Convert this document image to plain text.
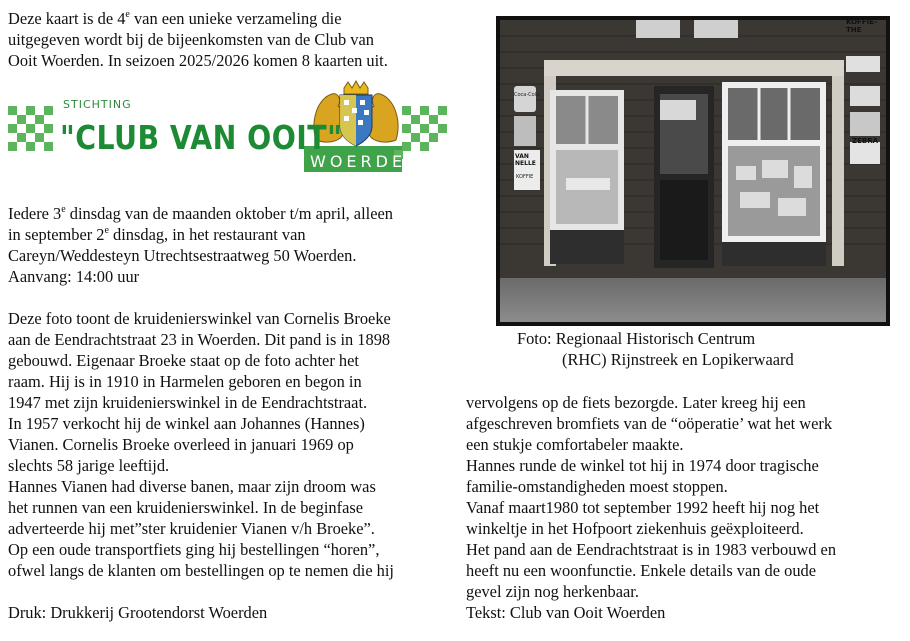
Deze kaart is de 4e van een unieke verzameling die

uitgegeven wordt bij de bijeenkomsten van de Club van

Ooit Woerden. In seizoen 2025/2026 komen 8 kaarten uit.

STICHTING
"CLUB VAN OOIT"
WOERDEN

Iedere 3e dinsdag van de maanden oktober t/m april, alleen

in september 2e dinsdag, in het restaurant van

Careyn/Weddesteyn Utrechtsestraatweg 50 Woerden.

Aanvang: 14:00 uur

Deze foto toont de kruidenierswinkel van Cornelis Broeke

aan de Eendrachtstraat 23 in Woerden. Dit pand is in 1898

gebouwd. Eigenaar Broeke staat op de foto achter het

raam. Hij is in 1910 in Harmelen geboren en begon in

1947 met zijn kruidenierswinkel in de Eendrachtstraat.

In 1957 verkocht hij de winkel aan Johannes (Hannes)

Vianen. Cornelis Broeke overleed in januari 1969 op

slechts 58 jarige leeftijd.

Hannes Vianen had diverse banen, maar zijn droom was

het runnen van een kruidenierswinkel. In de beginfase

adverteerde hij met”ster kruidenier Vianen v/h Broeke”.

Op een oude transportfiets ging hij bestellingen “horen”,

ofwel langs de klanten om bestellingen op te nemen die hij

Druk: Drukkerij Grootendorst Woerden
KOFFIE-THE
Coca-Cola
VAN NELLE
KOFFIE
ZEBRA
Foto: Regionaal Historisch Centrum
(RHC) Rijnstreek en Lopikerwaard

vervolgens op de fiets bezorgde. Later kreeg hij een

afgeschreven bromfiets van de “oöperatie’ wat het werk

een stukje comfortabeler maakte.

Hannes runde de winkel tot hij in 1974 door tragische

familie-omstandigheden moest stoppen.

Vanaf maart1980 tot september 1992 heeft hij nog het

winkeltje in het Hofpoort ziekenhuis geëxploiteerd.

Het pand aan de Eendrachtstraat is in 1983 verbouwd en

heeft nu een woonfunctie. Enkele details van de oude

gevel zijn nog herkenbaar.

Tekst: Club van Ooit Woerden
